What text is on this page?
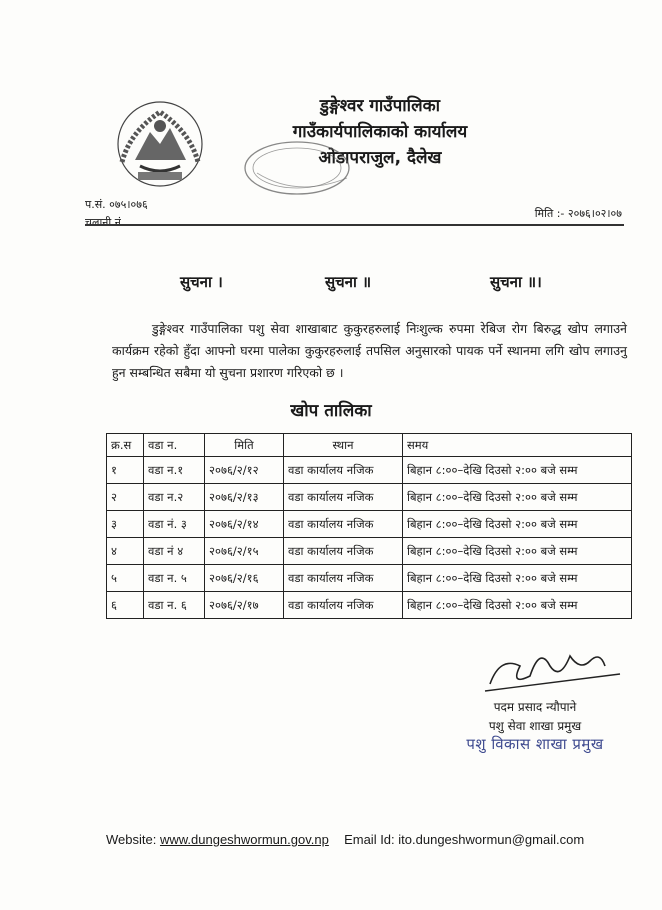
डुङ्गेश्वर गाउँपालिका
गाउँकार्यपालिकाको कार्यालय
ओडापराजुल, दैलेख
प.सं. ०७५।०७६
चलानी नं.
मिति :- २०७६।०२।०७
सुचना ।	सुचना ॥	सुचना ॥।
डुङ्गेश्वर गाउँपालिका पशु सेवा शाखाबाट कुकुरहरुलाई निःशुल्क रुपमा रेबिज रोग बिरुद्ध खोप लगाउने कार्यक्रम रहेको हुँदा आफ्नो घरमा पालेका कुकुरहरुलाई तपसिल अनुसारको पायक पर्ने स्थानमा लगि खोप लगाउनु हुन सम्बन्धित सबैमा यो सुचना प्रशारण गरिएको छ ।
खोप तालिका
क्र.स	वडा न.	मिति	स्थान	समय
१	वडा न.१	२०७६/२/१२	वडा कार्यालय नजिक	बिहान ८:००–देखि दिउसो २:०० बजे सम्म
२	वडा न.२	२०७६/२/१३	वडा कार्यालय नजिक	बिहान ८:००–देखि दिउसो २:०० बजे सम्म
३	वडा नं. ३	२०७६/२/१४	वडा कार्यालय नजिक	बिहान ८:००–देखि दिउसो २:०० बजे सम्म
४	वडा नं ४	२०७६/२/१५	वडा कार्यालय नजिक	बिहान ८:००–देखि दिउसो २:०० बजे सम्म
५	वडा न. ५	२०७६/२/१६	वडा कार्यालय नजिक	बिहान ८:००–देखि दिउसो २:०० बजे सम्म
६	वडा न. ६	२०७६/२/१७	वडा कार्यालय नजिक	बिहान ८:००–देखि दिउसो २:०० बजे सम्म
पदम प्रसाद न्यौपाने
पशु सेवा शाखा प्रमुख
पशु विकास शाखा प्रमुख
Website: www.dungeshwormun.gov.np Email Id: ito.dungeshwormun@gmail.com
